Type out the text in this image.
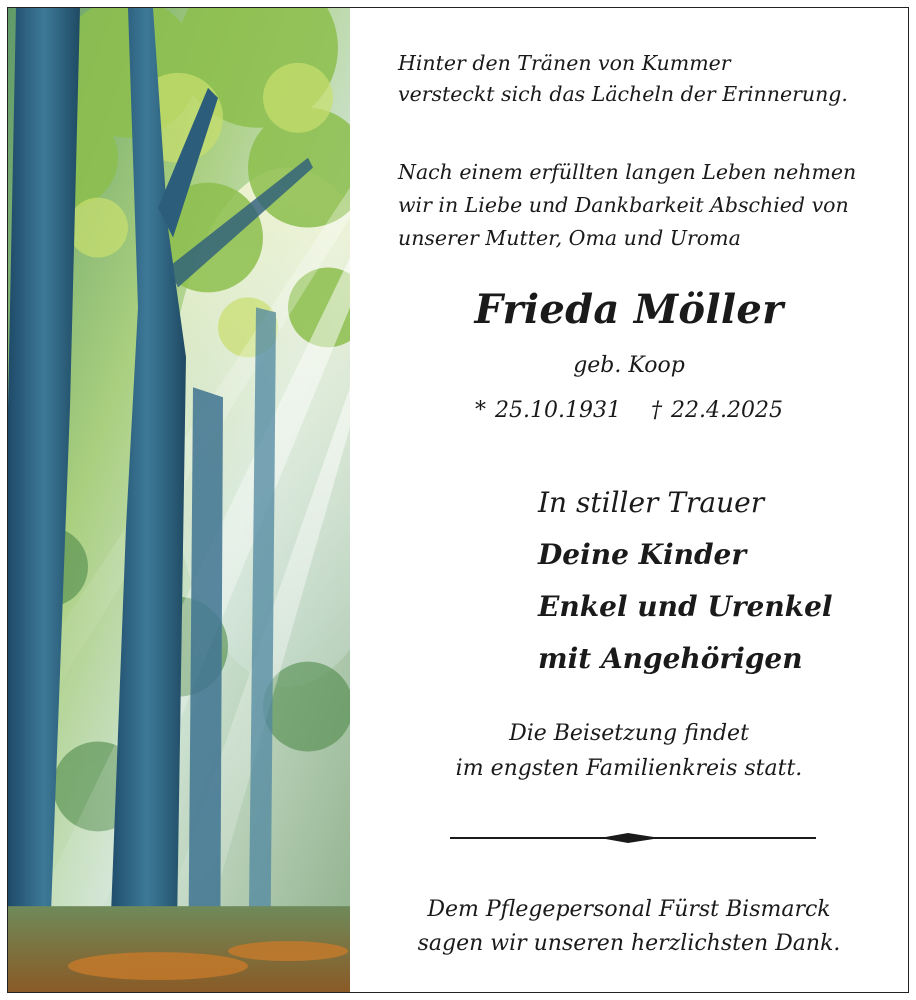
Hinter den Tränen von Kummer
versteckt sich das Lächeln der Erinnerung.
Nach einem erfüllten langen Leben nehmen
wir in Liebe und Dankbarkeit Abschied von
unserer Mutter, Oma und Uroma
Frieda Möller
geb. Koop
* 25.10.1931 † 22.4.2025
In stiller Trauer
Deine Kinder
Enkel und Urenkel
mit Angehörigen
Die Beisetzung findet
im engsten Familienkreis statt.
Dem Pflegepersonal Fürst Bismarck
sagen wir unseren herzlichsten Dank.
